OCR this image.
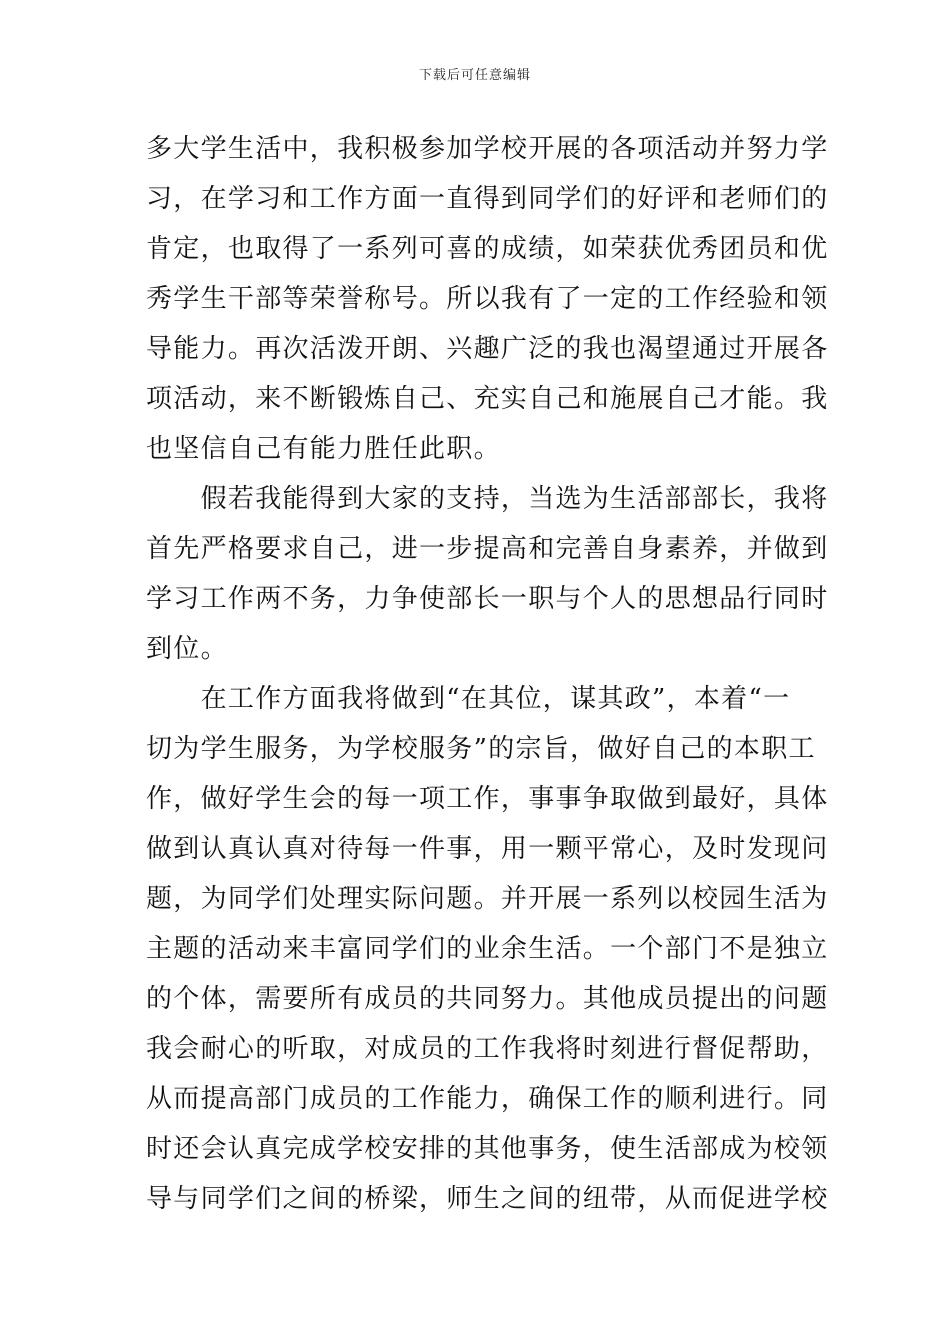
下载后可任意编辑
多大学生活中，我积极参加学校开展的各项活动并努力学
习，在学习和工作方面一直得到同学们的好评和老师们的
肯定，也取得了一系列可喜的成绩，如荣获优秀团员和优
秀学生干部等荣誉称号。所以我有了一定的工作经验和领
导能力。再次活泼开朗、兴趣广泛的我也渴望通过开展各
项活动，来不断锻炼自己、充实自己和施展自己才能。我
也坚信自己有能力胜任此职。
　　假若我能得到大家的支持，当选为生活部部长，我将
首先严格要求自己，进一步提高和完善自身素养，并做到
学习工作两不务，力争使部长一职与个人的思想品行同时
到位。
　　在工作方面我将做到“在其位，谋其政”，本着“一
切为学生服务，为学校服务”的宗旨，做好自己的本职工
作，做好学生会的每一项工作，事事争取做到最好，具体
做到认真认真对待每一件事，用一颗平常心，及时发现问
题，为同学们处理实际问题。并开展一系列以校园生活为
主题的活动来丰富同学们的业余生活。一个部门不是独立
的个体，需要所有成员的共同努力。其他成员提出的问题
我会耐心的听取，对成员的工作我将时刻进行督促帮助，
从而提高部门成员的工作能力，确保工作的顺利进行。同
时还会认真完成学校安排的其他事务，使生活部成为校领
导与同学们之间的桥梁，师生之间的纽带，从而促进学校
